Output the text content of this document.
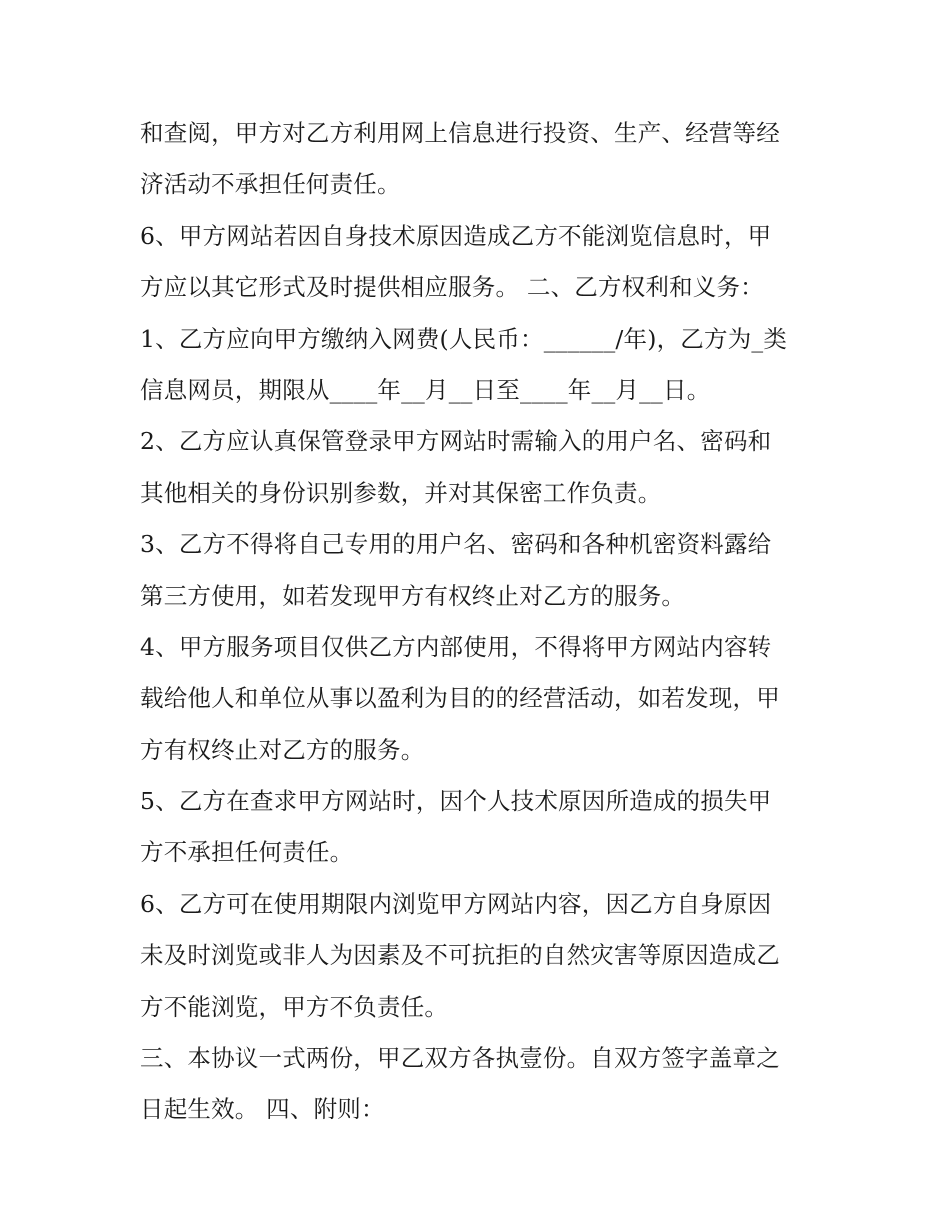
和查阅，甲方对乙方利用网上信息进行投资、生产、经营等经
济活动不承担任何责任。
6、甲方网站若因自身技术原因造成乙方不能浏览信息时，甲
方应以其它形式及时提供相应服务。 二、乙方权利和义务：
1、乙方应向甲方缴纳入网费(人民币：______/年)，乙方为_类
信息网员，期限从____年__月__日至____年__月__日。
2、乙方应认真保管登录甲方网站时需输入的用户名、密码和
其他相关的身份识别参数，并对其保密工作负责。
3、乙方不得将自己专用的用户名、密码和各种机密资料露给
第三方使用，如若发现甲方有权终止对乙方的服务。
4、甲方服务项目仅供乙方内部使用，不得将甲方网站内容转
载给他人和单位从事以盈利为目的的经营活动，如若发现，甲
方有权终止对乙方的服务。
5、乙方在查求甲方网站时，因个人技术原因所造成的损失甲
方不承担任何责任。
6、乙方可在使用期限内浏览甲方网站内容，因乙方自身原因
未及时浏览或非人为因素及不可抗拒的自然灾害等原因造成乙
方不能浏览，甲方不负责任。
三、本协议一式两份，甲乙双方各执壹份。自双方签字盖章之
日起生效。 四、附则：
